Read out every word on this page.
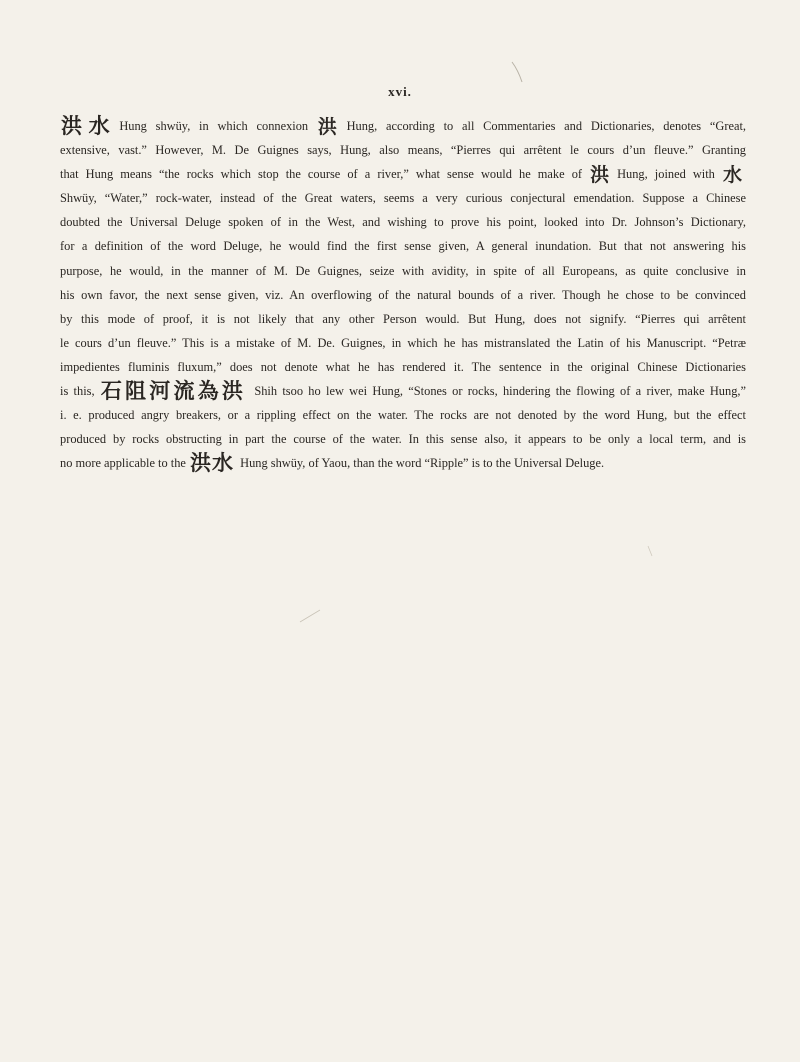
xvi.
洪水 Hung shwüy, in which connexion 洪 Hung, according to all Commentaries and Dictionaries, denotes “Great,
extensive, vast.” However, M. De Guignes says, Hung, also means, “Pierres qui arrêtent le cours d’un fleuve.” Granting
that Hung means “the rocks which stop the course of a river,” what sense would he make of 洪 Hung, joined with 水
Shwüy, “Water,” rock-water, instead of the Great waters, seems a very curious conjectural emendation. Suppose a Chinese
doubted the Universal Deluge spoken of in the West, and wishing to prove his point, looked into Dr. Johnson’s Dictionary,
for a definition of the word Deluge, he would find the first sense given, A general inundation. But that not answering his
purpose, he would, in the manner of M. De Guignes, seize with avidity, in spite of all Europeans, as quite conclusive in
his own favor, the next sense given, viz. An overflowing of the natural bounds of a river. Though he chose to be convinced
by this mode of proof, it is not likely that any other Person would. But Hung, does not signify. “Pierres qui arrêtent
le cours d’un fleuve.” This is a mistake of M. De. Guignes, in which he has mistranslated the Latin of his Manuscript. “Petræ
impedientes fluminis fluxum,” does not denote what he has rendered it. The sentence in the original Chinese Dictionaries
is this, 石阻河流為洪 Shih tsoo ho lew wei Hung, “Stones or rocks, hindering the flowing of a river, make Hung,”
i. e. produced angry breakers, or a rippling effect on the water. The rocks are not denoted by the word Hung, but the effect
produced by rocks obstructing in part the course of the water. In this sense also, it appears to be only a local term, and is
no more applicable to the 洪水 Hung shwüy, of Yaou, than the word “Ripple” is to the Universal Deluge.
